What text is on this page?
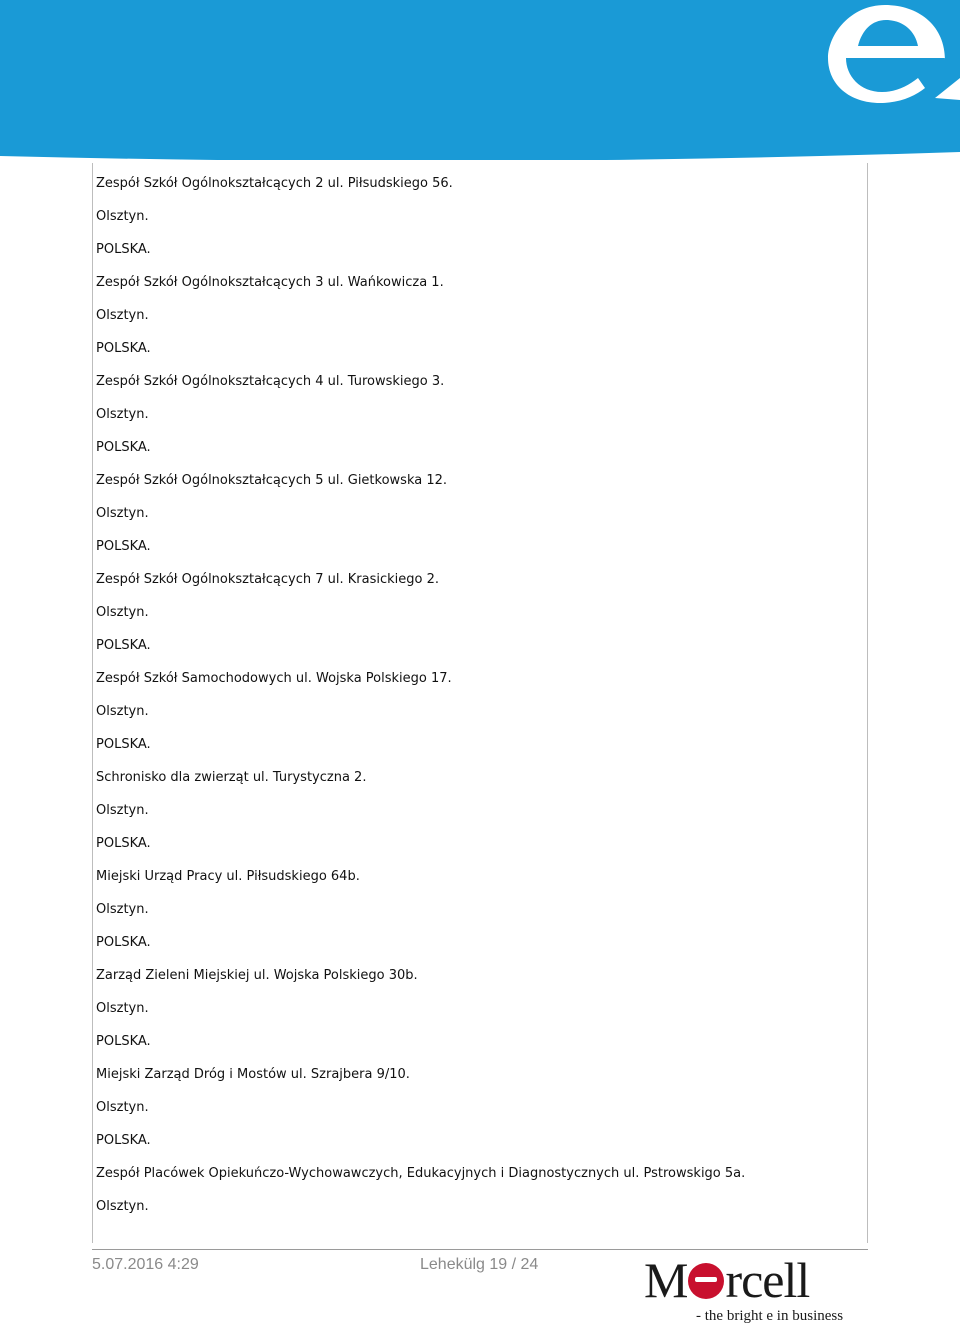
Zespół Szkół Ogólnokształcących 2 ul. Piłsudskiego 56.
Olsztyn.
POLSKA.
Zespół Szkół Ogólnokształcących 3 ul. Wańkowicza 1.
Olsztyn.
POLSKA.
Zespół Szkół Ogólnokształcących 4 ul. Turowskiego 3.
Olsztyn.
POLSKA.
Zespół Szkół Ogólnokształcących 5 ul. Gietkowska 12.
Olsztyn.
POLSKA.
Zespół Szkół Ogólnokształcących 7 ul. Krasickiego 2.
Olsztyn.
POLSKA.
Zespół Szkół Samochodowych ul. Wojska Polskiego 17.
Olsztyn.
POLSKA.
Schronisko dla zwierząt ul. Turystyczna 2.
Olsztyn.
POLSKA.
Miejski Urząd Pracy ul. Piłsudskiego 64b.
Olsztyn.
POLSKA.
Zarząd Zieleni Miejskiej ul. Wojska Polskiego 30b.
Olsztyn.
POLSKA.
Miejski Zarząd Dróg i Mostów ul. Szrajbera 9/10.
Olsztyn.
POLSKA.
Zespół Placówek Opiekuńczo-Wychowawczych, Edukacyjnych i Diagnostycznych ul. Pstrowskigo 5a.
Olsztyn.
5.07.2016 4:29	Lehekülg 19 / 24 M rcell
- the bright e in business
